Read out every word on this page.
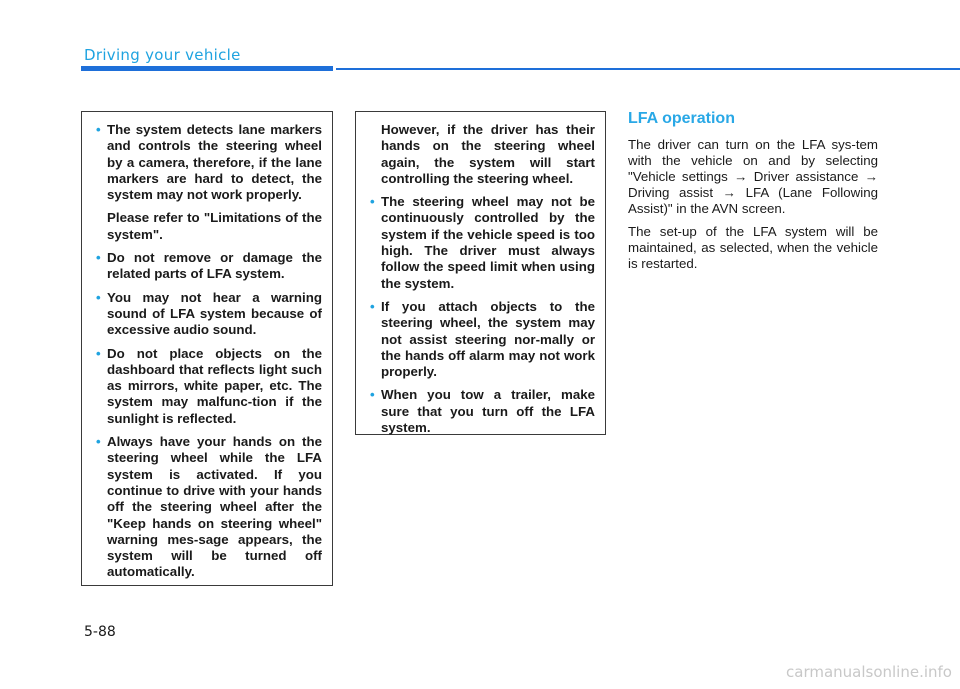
Driving your vehicle

• The system detects lane markers and controls the steering wheel by a camera, therefore, if the lane markers are hard to detect, the system may not work properly.

Please refer to "Limitations of the system".

• Do not remove or damage the related parts of LFA system.

• You may not hear a warning sound of LFA system because of excessive audio sound.

• Do not place objects on the dashboard that reflects light such as mirrors, white paper, etc. The system may malfunc-tion if the sunlight is reflected.

• Always have your hands on the steering wheel while the LFA system is activated. If you continue to drive with your hands off the steering wheel after the "Keep hands on steering wheel" warning mes-sage appears, the system will be turned off automatically.

However, if the driver has their hands on the steering wheel again, the system will start controlling the steering wheel.

• The steering wheel may not be continuously controlled by the system if the vehicle speed is too high. The driver must always follow the speed limit when using the system.

• If you attach objects to the steering wheel, the system may not assist steering nor-mally or the hands off alarm may not work properly.

• When you tow a trailer, make sure that you turn off the LFA system.

LFA operation

The driver can turn on the LFA sys-tem with the vehicle on and by selecting "Vehicle settings → Driver assistance → Driving assist → LFA (Lane Following Assist)" in the AVN screen.

The set-up of the LFA system will be maintained, as selected, when the vehicle is restarted.

5-88
carmanualsonline.info
